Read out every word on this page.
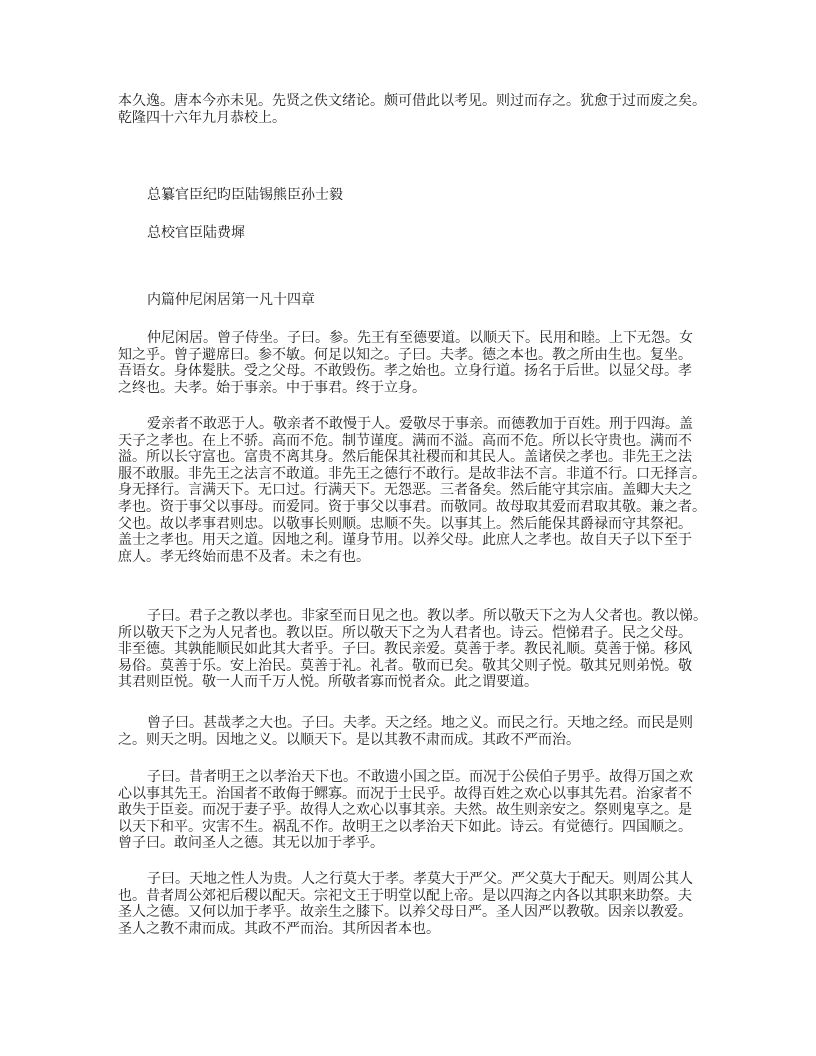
本久逸。唐本今亦未见。先贤之佚文绪论。颇可借此以考见。则过而存之。犹愈于过而废之矣。
乾隆四十六年九月恭校上。
总纂官臣纪昀臣陆锡熊臣孙士毅
总校官臣陆费墀
内篇仲尼闲居第一凡十四章
仲尼闲居。曾子侍坐。子曰。参。先王有至德要道。以顺天下。民用和睦。上下无怨。女
知之乎。曾子避席曰。参不敏。何足以知之。子曰。夫孝。德之本也。教之所由生也。复坐。
吾语女。身体髮肤。受之父母。不敢毁伤。孝之始也。立身行道。扬名于后世。以显父母。孝
之终也。夫孝。始于事亲。中于事君。终于立身。
爱亲者不敢恶于人。敬亲者不敢慢于人。爱敬尽于事亲。而德教加于百姓。刑于四海。盖
天子之孝也。在上不骄。高而不危。制节谨度。满而不溢。高而不危。所以长守贵也。满而不
溢。所以长守富也。富贵不离其身。然后能保其社稷而和其民人。盖诸侯之孝也。非先王之法
服不敢服。非先王之法言不敢道。非先王之德行不敢行。是故非法不言。非道不行。口无择言。
身无择行。言满天下。无口过。行满天下。无怨恶。三者备矣。然后能守其宗庙。盖卿大夫之
孝也。资于事父以事母。而爱同。资于事父以事君。而敬同。故母取其爱而君取其敬。兼之者。
父也。故以孝事君则忠。以敬事长则顺。忠顺不失。以事其上。然后能保其爵禄而守其祭祀。
盖士之孝也。用天之道。因地之利。谨身节用。以养父母。此庶人之孝也。故自天子以下至于
庶人。孝无终始而患不及者。未之有也。
子曰。君子之教以孝也。非家至而日见之也。教以孝。所以敬天下之为人父者也。教以悌。
所以敬天下之为人兄者也。教以臣。所以敬天下之为人君者也。诗云。恺悌君子。民之父母。
非至德。其孰能顺民如此其大者乎。子曰。教民亲爱。莫善于孝。教民礼顺。莫善于悌。移风
易俗。莫善于乐。安上治民。莫善于礼。礼者。敬而已矣。敬其父则子悦。敬其兄则弟悦。敬
其君则臣悦。敬一人而千万人悦。所敬者寡而悦者众。此之谓要道。
曾子曰。甚哉孝之大也。子曰。夫孝。天之经。地之义。而民之行。天地之经。而民是则
之。则天之明。因地之义。以顺天下。是以其教不肃而成。其政不严而治。
子曰。昔者明王之以孝治天下也。不敢遗小国之臣。而况于公侯伯子男乎。故得万国之欢
心以事其先王。治国者不敢侮于鳏寡。而况于士民乎。故得百姓之欢心以事其先君。治家者不
敢失于臣妾。而况于妻子乎。故得人之欢心以事其亲。夫然。故生则亲安之。祭则鬼享之。是
以天下和平。灾害不生。祸乱不作。故明王之以孝治天下如此。诗云。有觉德行。四国顺之。
曾子曰。敢问圣人之德。其无以加于孝乎。
子曰。天地之性人为贵。人之行莫大于孝。孝莫大于严父。严父莫大于配天。则周公其人
也。昔者周公郊祀后稷以配天。宗祀文王于明堂以配上帝。是以四海之内各以其职来助祭。夫
圣人之德。又何以加于孝乎。故亲生之膝下。以养父母日严。圣人因严以教敬。因亲以教爱。
圣人之教不肃而成。其政不严而治。其所因者本也。
